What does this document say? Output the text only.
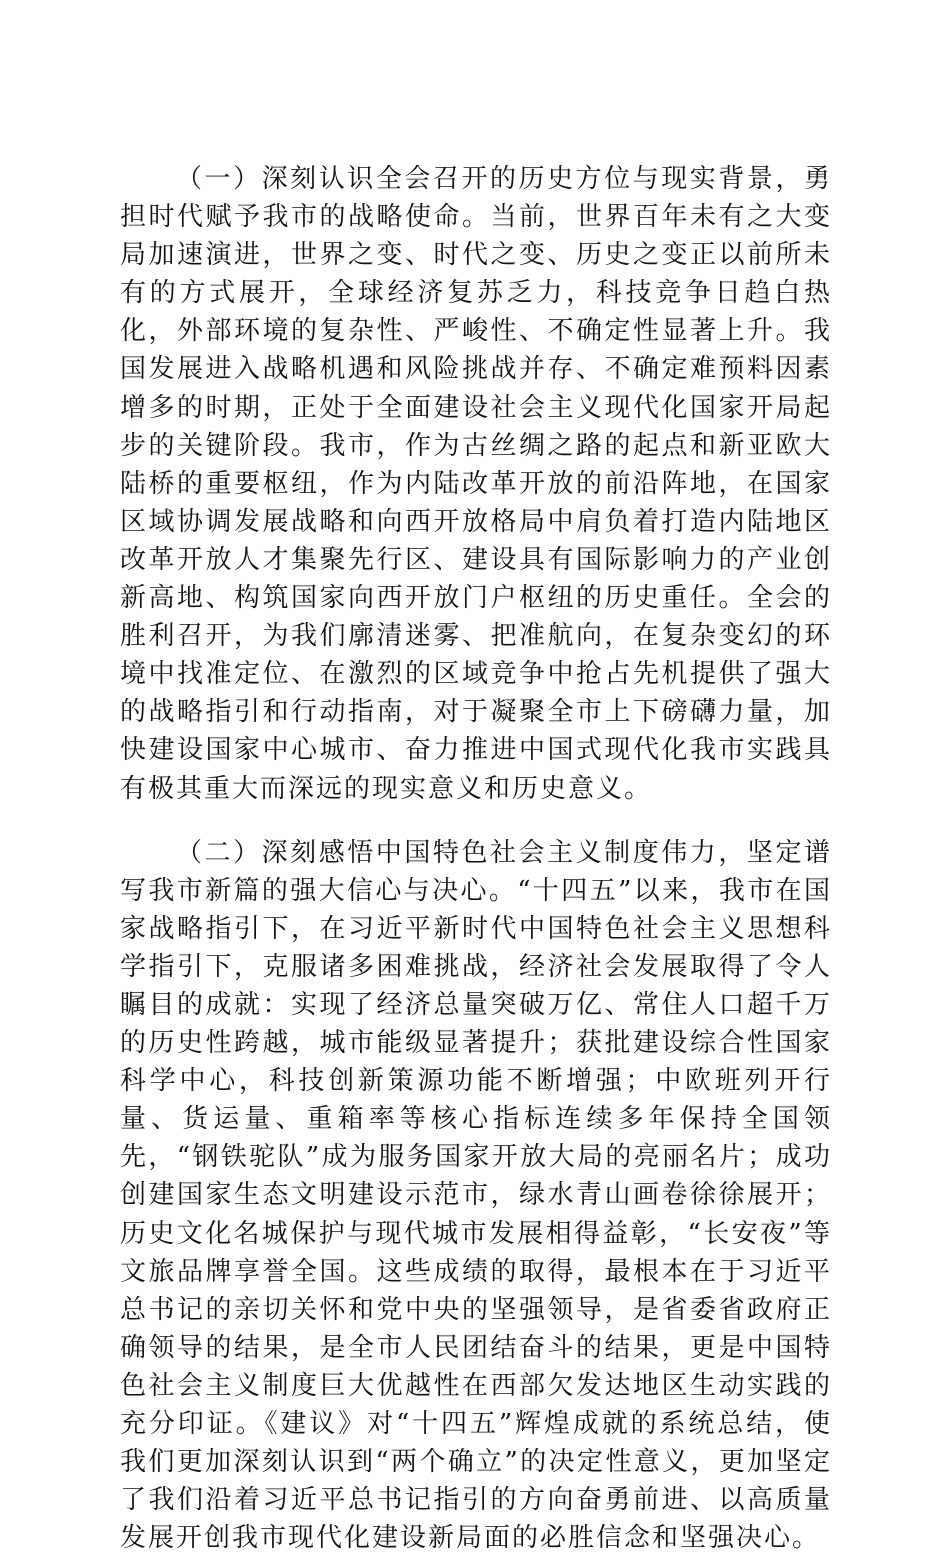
（一）深刻认识全会召开的历史方位与现实背景，勇担时代赋予我市的战略使命。当前，世界百年未有之大变局加速演进，世界之变、时代之变、历史之变正以前所未有的方式展开，全球经济复苏乏力，科技竞争日趋白热化，外部环境的复杂性、严峻性、不确定性显著上升。我国发展进入战略机遇和风险挑战并存、不确定难预料因素增多的时期，正处于全面建设社会主义现代化国家开局起步的关键阶段。我市，作为古丝绸之路的起点和新亚欧大陆桥的重要枢纽，作为内陆改革开放的前沿阵地，在国家区域协调发展战略和向西开放格局中肩负着打造内陆地区改革开放人才集聚先行区、建设具有国际影响力的产业创新高地、构筑国家向西开放门户枢纽的历史重任。全会的胜利召开，为我们廓清迷雾、把准航向，在复杂变幻的环境中找准定位、在激烈的区域竞争中抢占先机提供了强大的战略指引和行动指南，对于凝聚全市上下磅礴力量，加快建设国家中心城市、奋力推进中国式现代化我市实践具有极其重大而深远的现实意义和历史意义。

（二）深刻感悟中国特色社会主义制度伟力，坚定谱写我市新篇的强大信心与决心。“十四五”以来，我市在国家战略指引下，在习近平新时代中国特色社会主义思想科学指引下，克服诸多困难挑战，经济社会发展取得了令人瞩目的成就：实现了经济总量突破万亿、常住人口超千万的历史性跨越，城市能级显著提升；获批建设综合性国家科学中心，科技创新策源功能不断增强；中欧班列开行量、货运量、重箱率等核心指标连续多年保持全国领先，“钢铁驼队”成为服务国家开放大局的亮丽名片；成功创建国家生态文明建设示范市，绿水青山画卷徐徐展开；历史文化名城保护与现代城市发展相得益彰，“长安夜”等文旅品牌享誉全国。这些成绩的取得，最根本在于习近平总书记的亲切关怀和党中央的坚强领导，是省委省政府正确领导的结果，是全市人民团结奋斗的结果，更是中国特色社会主义制度巨大优越性在西部欠发达地区生动实践的充分印证。《建议》对“十四五”辉煌成就的系统总结，使我们更加深刻认识到“两个确立”的决定性意义，更加坚定了我们沿着习近平总书记指引的方向奋勇前进、以高质量发展开创我市现代化建设新局面的必胜信念和坚强决心。
